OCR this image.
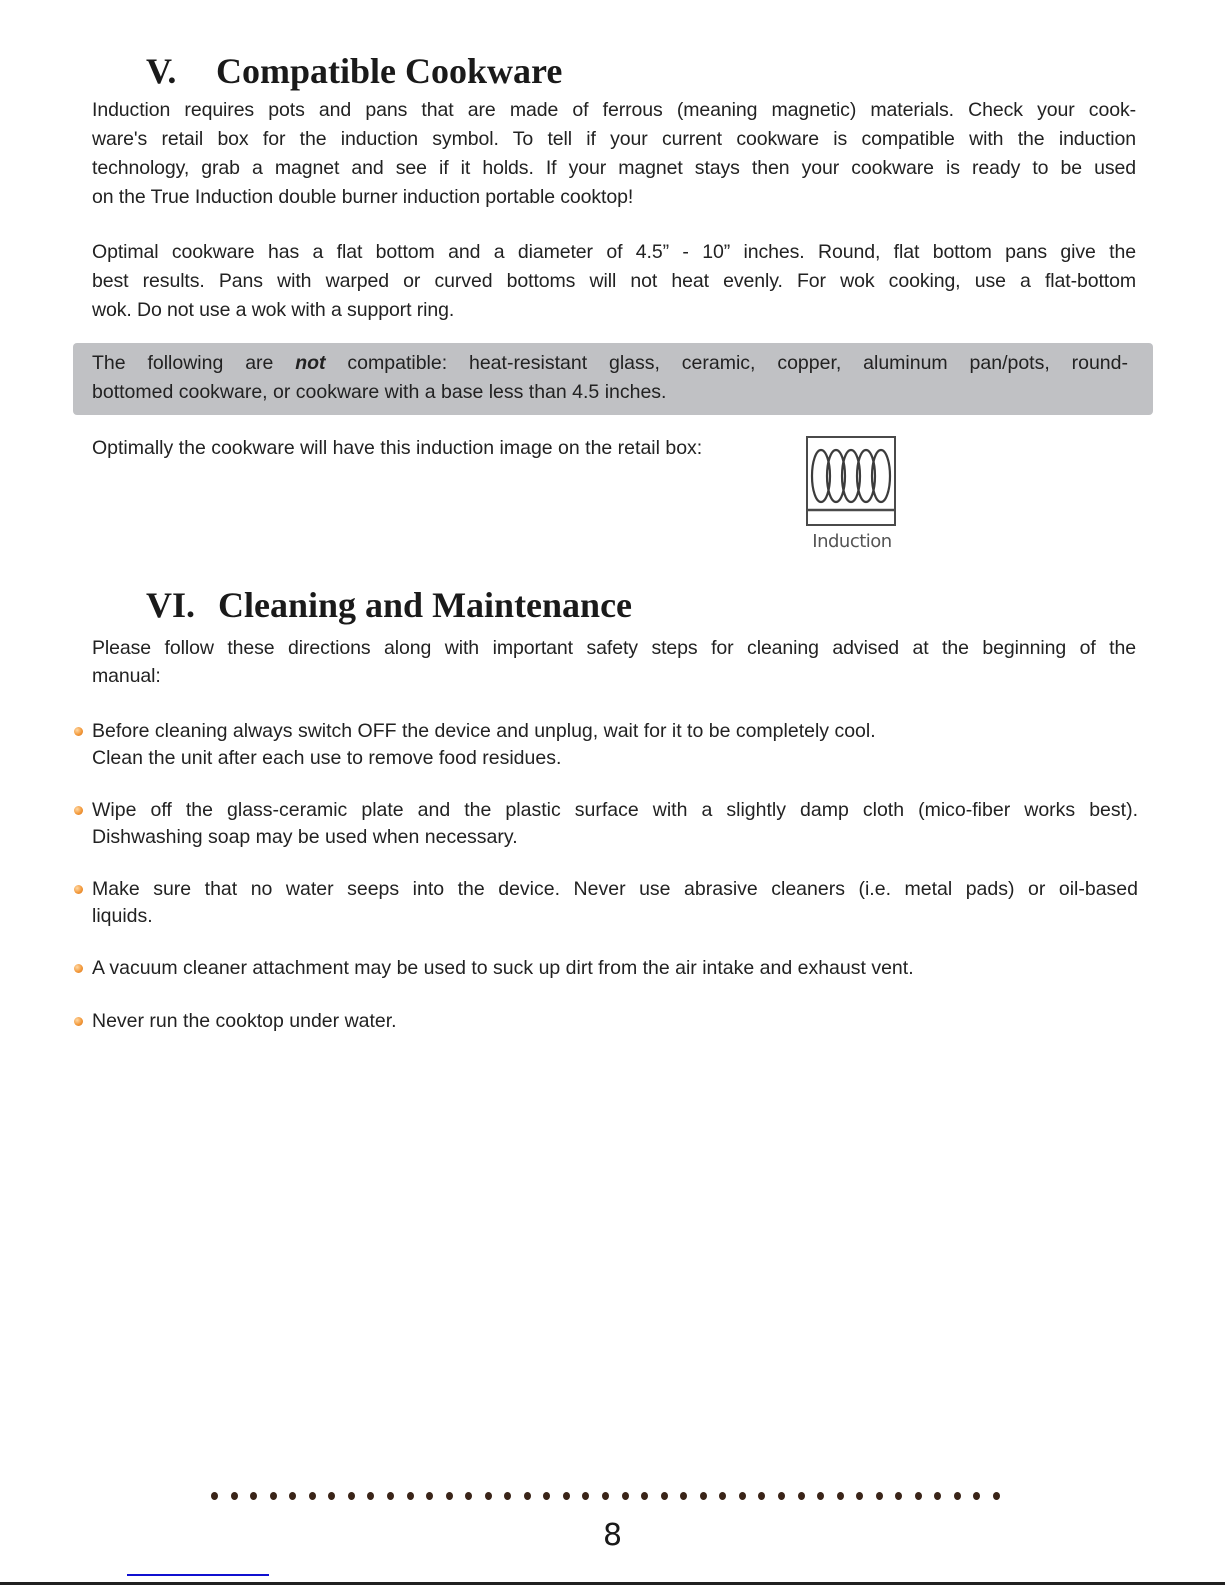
V. Compatible Cookware
Induction requires pots and pans that are made of ferrous (meaning magnetic) materials. Check your cook-
ware's retail box for the induction symbol. To tell if your current cookware is compatible with the induction
technology, grab a magnet and see if it holds. If your magnet stays then your cookware is ready to be used
on the True Induction double burner induction portable cooktop!
Optimal cookware has a flat bottom and a diameter of 4.5” - 10” inches. Round, flat bottom pans give the
best results. Pans with warped or curved bottoms will not heat evenly. For wok cooking, use a flat-bottom
wok. Do not use a wok with a support ring.
The following are not compatible: heat-resistant glass, ceramic, copper, aluminum pan/pots, round-
bottomed cookware, or cookware with a base less than 4.5 inches.
Optimally the cookware will have this induction image on the retail box:
Induction
VI. Cleaning and Maintenance
Please follow these directions along with important safety steps for cleaning advised at the beginning of the
manual:
Before cleaning always switch OFF the device and unplug, wait for it to be completely cool.
Clean the unit after each use to remove food residues.
Wipe off the glass-ceramic plate and the plastic surface with a slightly damp cloth (mico-fiber works best).
Dishwashing soap may be used when necessary.
Make sure that no water seeps into the device. Never use abrasive cleaners (i.e. metal pads) or oil-based
liquids.
A vacuum cleaner attachment may be used to suck up dirt from the air intake and exhaust vent.
Never run the cooktop under water.
8
